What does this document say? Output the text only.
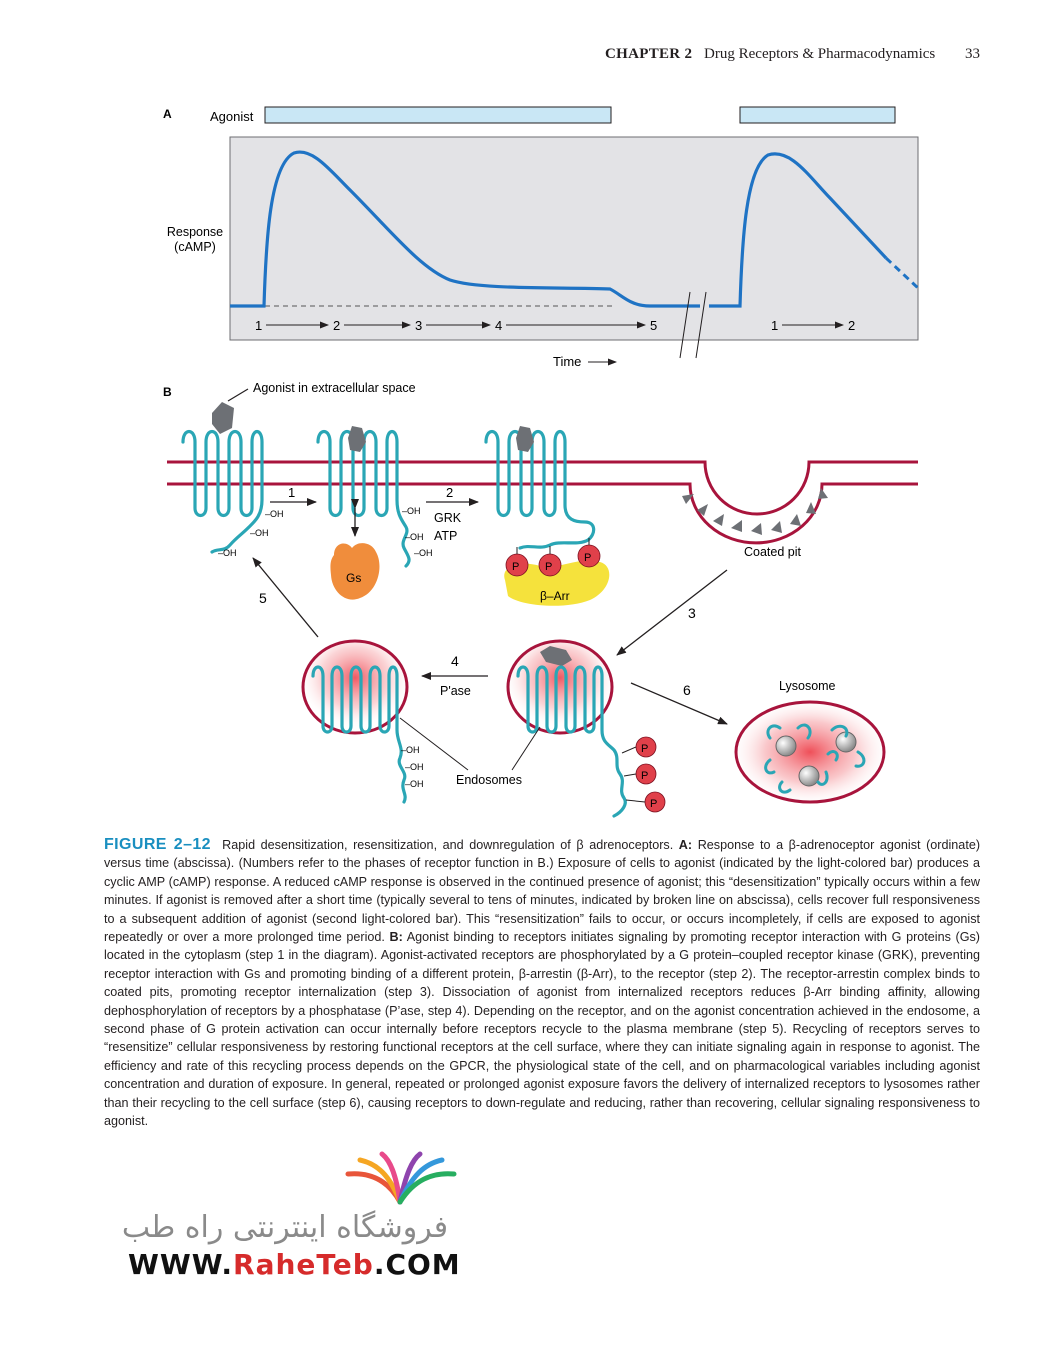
CHAPTER 2 Drug Receptors & Pharmacodynamics 33
A	Agonist
Response
(cAMP)
1	2	3	4	5	1	2
Time
B	Agonist in extracellular space
Coated pit
–OH
–OH
–OH
1
–OH
–OH
–OH
Gs
2
GRK
ATP
β–Arr
P P
P
3
P
P
P
4
P'ase
–OH
–OH
–OH	Endosomes
5
6	Lysosome
FIGURE 2–12 Rapid desensitization, resensitization, and downregulation of β adrenoceptors. A: Response to a β-adrenoceptor agonist (ordinate) versus time (abscissa). (Numbers refer to the phases of receptor function in B.) Exposure of cells to agonist (indicated by the light-colored bar) produces a cyclic AMP (cAMP) response. A reduced cAMP response is observed in the continued presence of agonist; this “desensitization” typically occurs within a few minutes. If agonist is removed after a short time (typically several to tens of minutes, indicated by broken line on abscissa), cells recover full responsiveness to a subsequent addition of agonist (second light-colored bar). This “resensitization” fails to occur, or occurs incompletely, if cells are exposed to agonist repeatedly or over a more prolonged time period. B: Agonist binding to receptors initiates signaling by promoting receptor interaction with G proteins (Gs) located in the cytoplasm (step 1 in the diagram). Agonist-activated receptors are phosphorylated by a G protein–coupled receptor kinase (GRK), preventing receptor interaction with Gs and promoting binding of a different protein, β-arrestin (β-Arr), to the receptor (step 2). The receptor-arrestin complex binds to coated pits, promoting receptor internalization (step 3). Dissociation of agonist from internalized receptors reduces β-Arr binding affinity, allowing dephosphorylation of receptors by a phosphatase (P’ase, step 4). Depending on the receptor, and on the agonist concentration achieved in the endosome, a second phase of G protein activation can occur internally before receptors recycle to the plasma membrane (step 5). Recycling of receptors serves to “resensitize” cellular responsiveness by restoring functional receptors at the cell surface, where they can initiate signaling again in response to agonist. The efficiency and rate of this recycling process depends on the GPCR, the physiological state of the cell, and on pharmacological variables including agonist concentration and duration of exposure. In general, repeated or prolonged agonist exposure favors the delivery of internalized receptors to lysosomes rather than their recycling to the cell surface (step 6), causing receptors to down-regulate and reducing, rather than recovering, cellular signaling responsiveness to agonist.
فروشگاه اینترنتی راه طب
WWW.RaheTeb.COM
